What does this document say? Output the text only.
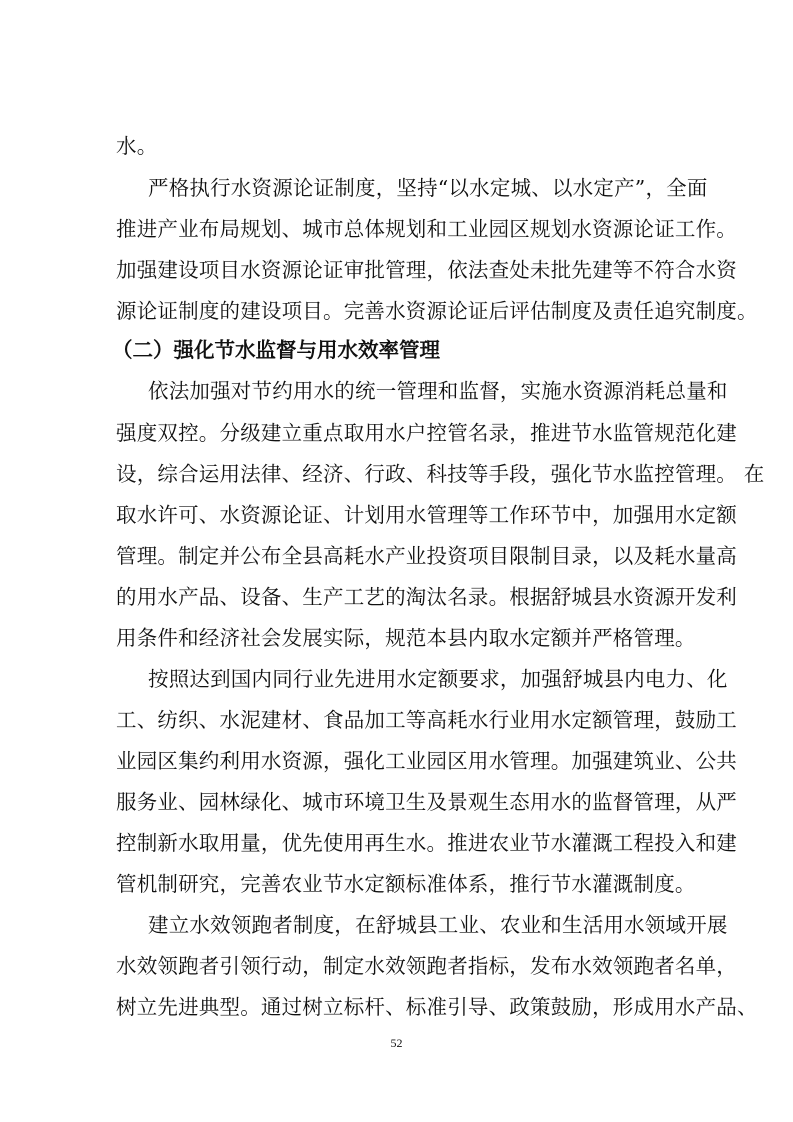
水。
严格执行水资源论证制度，坚持“以水定城、以水定产”，全面
推进产业布局规划、城市总体规划和工业园区规划水资源论证工作。
加强建设项目水资源论证审批管理，依法查处未批先建等不符合水资
源论证制度的建设项目。完善水资源论证后评估制度及责任追究制度。
（二）强化节水监督与用水效率管理
依法加强对节约用水的统一管理和监督，实施水资源消耗总量和
强度双控。分级建立重点取用水户控管名录，推进节水监管规范化建
设，综合运用法律、经济、行政、科技等手段，强化节水监控管理。 在
取水许可、水资源论证、计划用水管理等工作环节中，加强用水定额
管理。制定并公布全县高耗水产业投资项目限制目录，以及耗水量高
的用水产品、设备、生产工艺的淘汰名录。根据舒城县水资源开发利
用条件和经济社会发展实际，规范本县内取水定额并严格管理。
按照达到国内同行业先进用水定额要求，加强舒城县内电力、化
工、纺织、水泥建材、食品加工等高耗水行业用水定额管理，鼓励工
业园区集约利用水资源，强化工业园区用水管理。加强建筑业、公共
服务业、园林绿化、城市环境卫生及景观生态用水的监督管理，从严
控制新水取用量，优先使用再生水。推进农业节水灌溉工程投入和建
管机制研究，完善农业节水定额标准体系，推行节水灌溉制度。
建立水效领跑者制度，在舒城县工业、农业和生活用水领域开展
水效领跑者引领行动，制定水效领跑者指标，发布水效领跑者名单，
树立先进典型。通过树立标杆、标准引导、政策鼓励，形成用水产品、
52
